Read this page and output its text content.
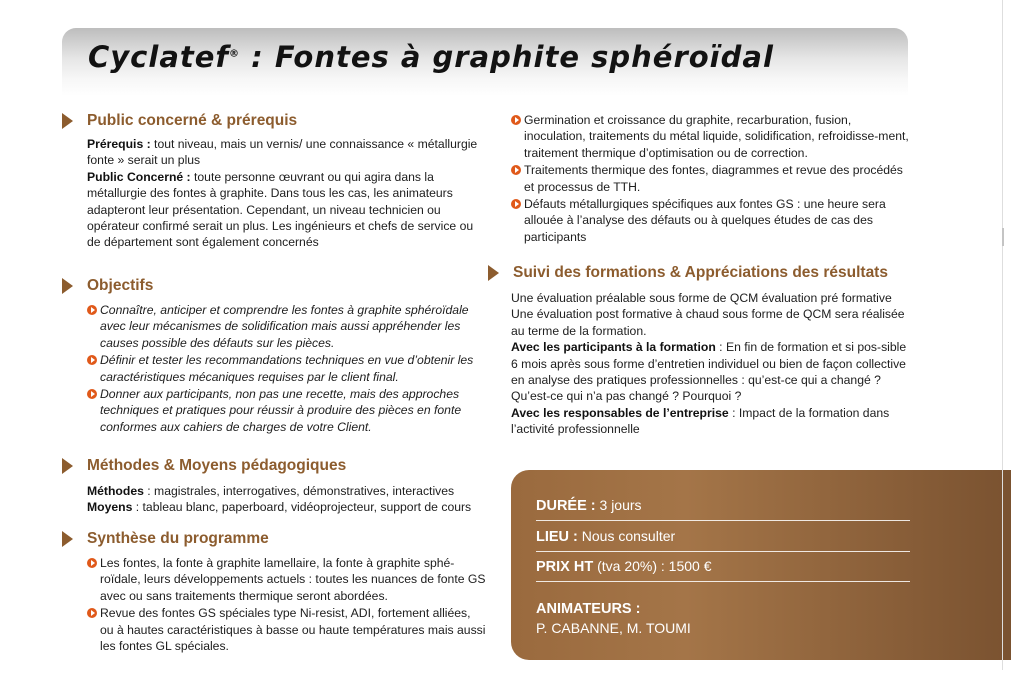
Cyclatef® : Fontes à graphite sphéroïdal
Public concerné & prérequis
Prérequis : tout niveau, mais un vernis/ une connaissance « métallurgie fonte » serait un plus
Public Concerné : toute personne œuvrant ou qui agira dans la métallurgie des fontes à graphite. Dans tous les cas, les animateurs adapteront leur présentation. Cependant, un niveau technicien ou opérateur confirmé serait un plus. Les ingénieurs et chefs de service ou de département sont également concernés
Objectifs
Connaître, anticiper et comprendre les fontes à graphite sphéroïdale avec leur mécanismes de solidification mais aussi appréhender les causes possible des défauts sur les pièces.
Définir et tester les recommandations techniques en vue d’obtenir les caractéristiques mécaniques requises par le client final.
Donner aux participants, non pas une recette, mais des approches techniques et pratiques pour réussir à produire des pièces en fonte conformes aux cahiers de charges de votre Client.
Méthodes & Moyens pédagogiques
Méthodes : magistrales, interrogatives, démonstratives, interactives
Moyens : tableau blanc, paperboard, vidéoprojecteur, support de cours
Synthèse du programme
Les fontes, la fonte à graphite lamellaire, la fonte à graphite sphé-roïdale, leurs développements actuels : toutes les nuances de fonte GS avec ou sans traitements thermique seront abordées.
Revue des fontes GS spéciales type Ni-resist, ADI, fortement alliées, ou à hautes caractéristiques à basse ou haute températures mais aussi les fontes GL spéciales.
Germination et croissance du graphite, recarburation, fusion, inoculation, traitements du métal liquide, solidification, refroidisse-ment, traitement thermique d’optimisation ou de correction.
Traitements thermique des fontes, diagrammes et revue des procédés et processus de TTH.
Défauts métallurgiques spécifiques aux fontes GS : une heure sera allouée à l’analyse des défauts ou à quelques études de cas des participants
Suivi des formations & Appréciations des résultats
Une évaluation préalable sous forme de QCM évaluation pré formative
Une évaluation post formative à chaud sous forme de QCM sera réalisée au terme de la formation.
Avec les participants à la formation : En fin de formation et si pos-sible 6 mois après sous forme d’entretien individuel ou bien de façon collective en analyse des pratiques professionnelles : qu’est-ce qui a changé ? Qu’est-ce qui n’a pas changé ? Pourquoi ?
Avec les responsables de l’entreprise : Impact de la formation dans l’activité professionnelle
DURÉE : 3 jours
LIEU : Nous consulter
PRIX HT (tva 20%) : 1500 €
ANIMATEURS :
P. CABANNE, M. TOUMI
